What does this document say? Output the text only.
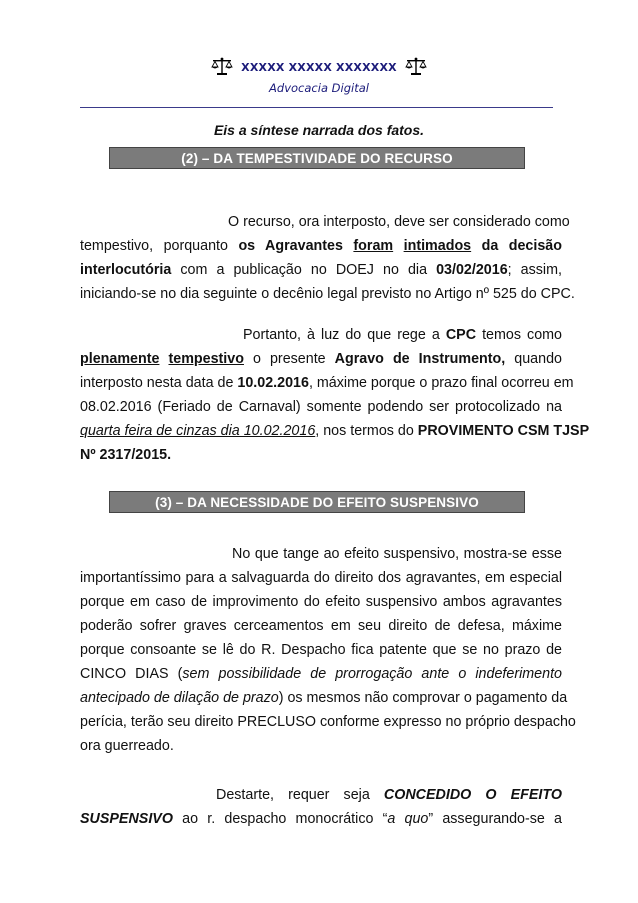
XXXXX XXXXX XXXXXXX
Advocacia Digital
Eis a síntese narrada dos fatos.
(2) – DA TEMPESTIVIDADE DO RECURSO

O recurso, ora interposto, deve ser considerado como

tempestivo, porquanto os Agravantes foram intimados da decisão

interlocutória com a publicação no DOEJ no dia 03/02/2016; assim,

iniciando-se no dia seguinte o decênio legal previsto no Artigo nº 525 do CPC.

Portanto, à luz do que rege a CPC temos como

plenamente tempestivo o presente Agravo de Instrumento, quando

interposto nesta data de 10.02.2016, máxime porque o prazo final ocorreu em

08.02.2016 (Feriado de Carnaval) somente podendo ser protocolizado na

quarta feira de cinzas dia 10.02.2016, nos termos do PROVIMENTO CSM TJSP

Nº 2317/2015.

(3) – DA NECESSIDADE DO EFEITO SUSPENSIVO

No que tange ao efeito suspensivo, mostra-se esse

importantíssimo para a salvaguarda do direito dos agravantes, em especial

porque em caso de improvimento do efeito suspensivo ambos agravantes

poderão sofrer graves cerceamentos em seu direito de defesa, máxime

porque consoante se lê do R. Despacho fica patente que se no prazo de

CINCO DIAS (sem possibilidade de prorrogação ante o indeferimento

antecipado de dilação de prazo) os mesmos não comprovar o pagamento da

perícia, terão seu direito PRECLUSO conforme expresso no próprio despacho

ora guerreado.

Destarte, requer seja CONCEDIDO O EFEITO

SUSPENSIVO ao r. despacho monocrático “a quo” assegurando-se a
